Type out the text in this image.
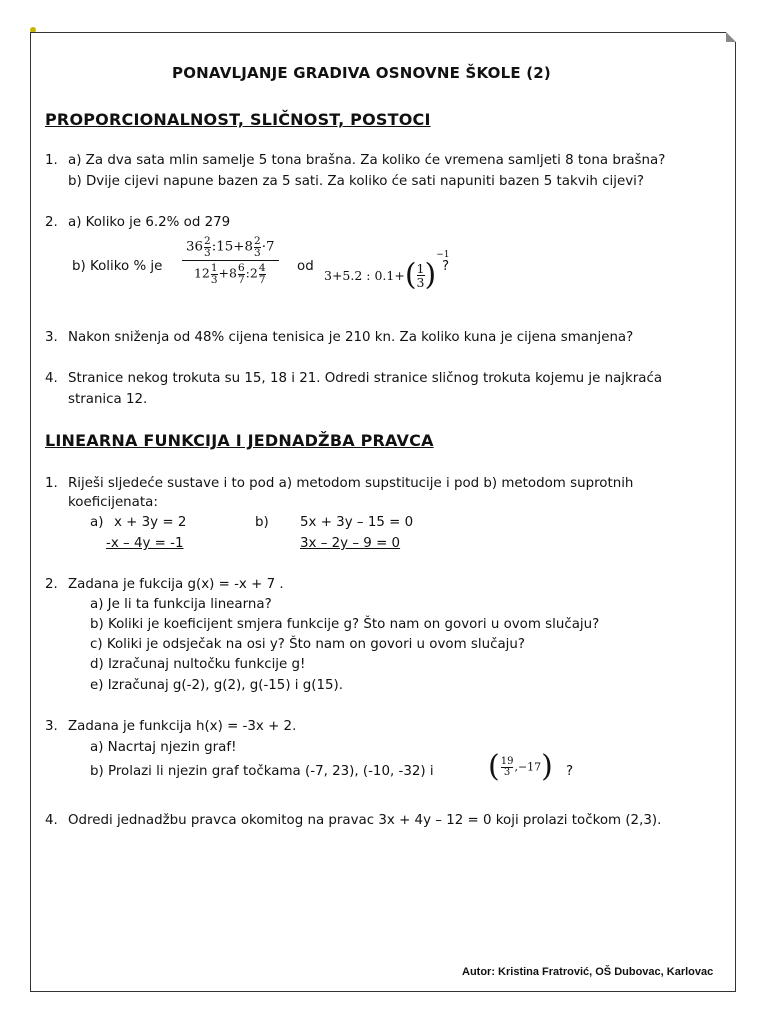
PONAVLJANJE GRADIVA OSNOVNE ŠKOLE (2)
PROPORCIONALNOST, SLIČNOST, POSTOCI
1. a) Za dva sata mlin samelje 5 tona brašna. Za koliko će vremena samljeti 8 tona brašna?
b) Dvije cijevi napune bazen za 5 sati. Za koliko će sati napuniti bazen 5 takvih cijevi?
2. a) Koliko je 6.2% od 279
b) Koliko % je $\frac{36 \frac{2}{3} :15+8 \frac{2}{3} \cdot 7}{12 \frac{1}{3} +8 \frac{6}{7} :2 \frac{4}{7}}$ od
3+5.2 : $0.1+( \frac{1}{3} )^{-1}$
?
3. Nakon sniženja od 48% cijena tenisica je 210 kn. Za koliko kuna je cijena smanjena?
4. Stranice nekog trokuta su 15, 18 i 21. Odredi stranice sličnog trokuta kojemu je najkraća
stranica 12.
LINEARNA FUNKCIJA I JEDNADŽBA PRAVCA
1. Riješi sljedeće sustave i to pod a) metodom supstitucije i pod b) metodom suprotnih
koeficijenata:
a) x + 3y = 2
-x – 4y = -1
b) 5x + 3y – 15 = 0
3x – 2y – 9 = 0
2. Zadana je fukcija g(x) = -x + 7 .
a) Je li ta funkcija linearna?
b) Koliki je koeficijent smjera funkcije g? Što nam on govori u ovom slučaju?
c) Koliki je odsječak na osi y? Što nam on govori u ovom slučaju?
d) Izračunaj nultočku funkcije g!
e) Izračunaj g(-2), g(2), g(-15) i g(15).
3. Zadana je funkcija h(x) = -3x + 2.
a) Nacrtaj njezin graf!
b) Prolazi li njezin graf točkama (-7, 23), (-10, -32) i ( $\frac{19}{3} ,-17$) ?
4. Odredi jednadžbu pravca okomitog na pravac 3x + 4y – 12 = 0 koji prolazi točkom (2,3).
Autor: Kristina Fratrović, OŠ Dubovac, Karlovac
